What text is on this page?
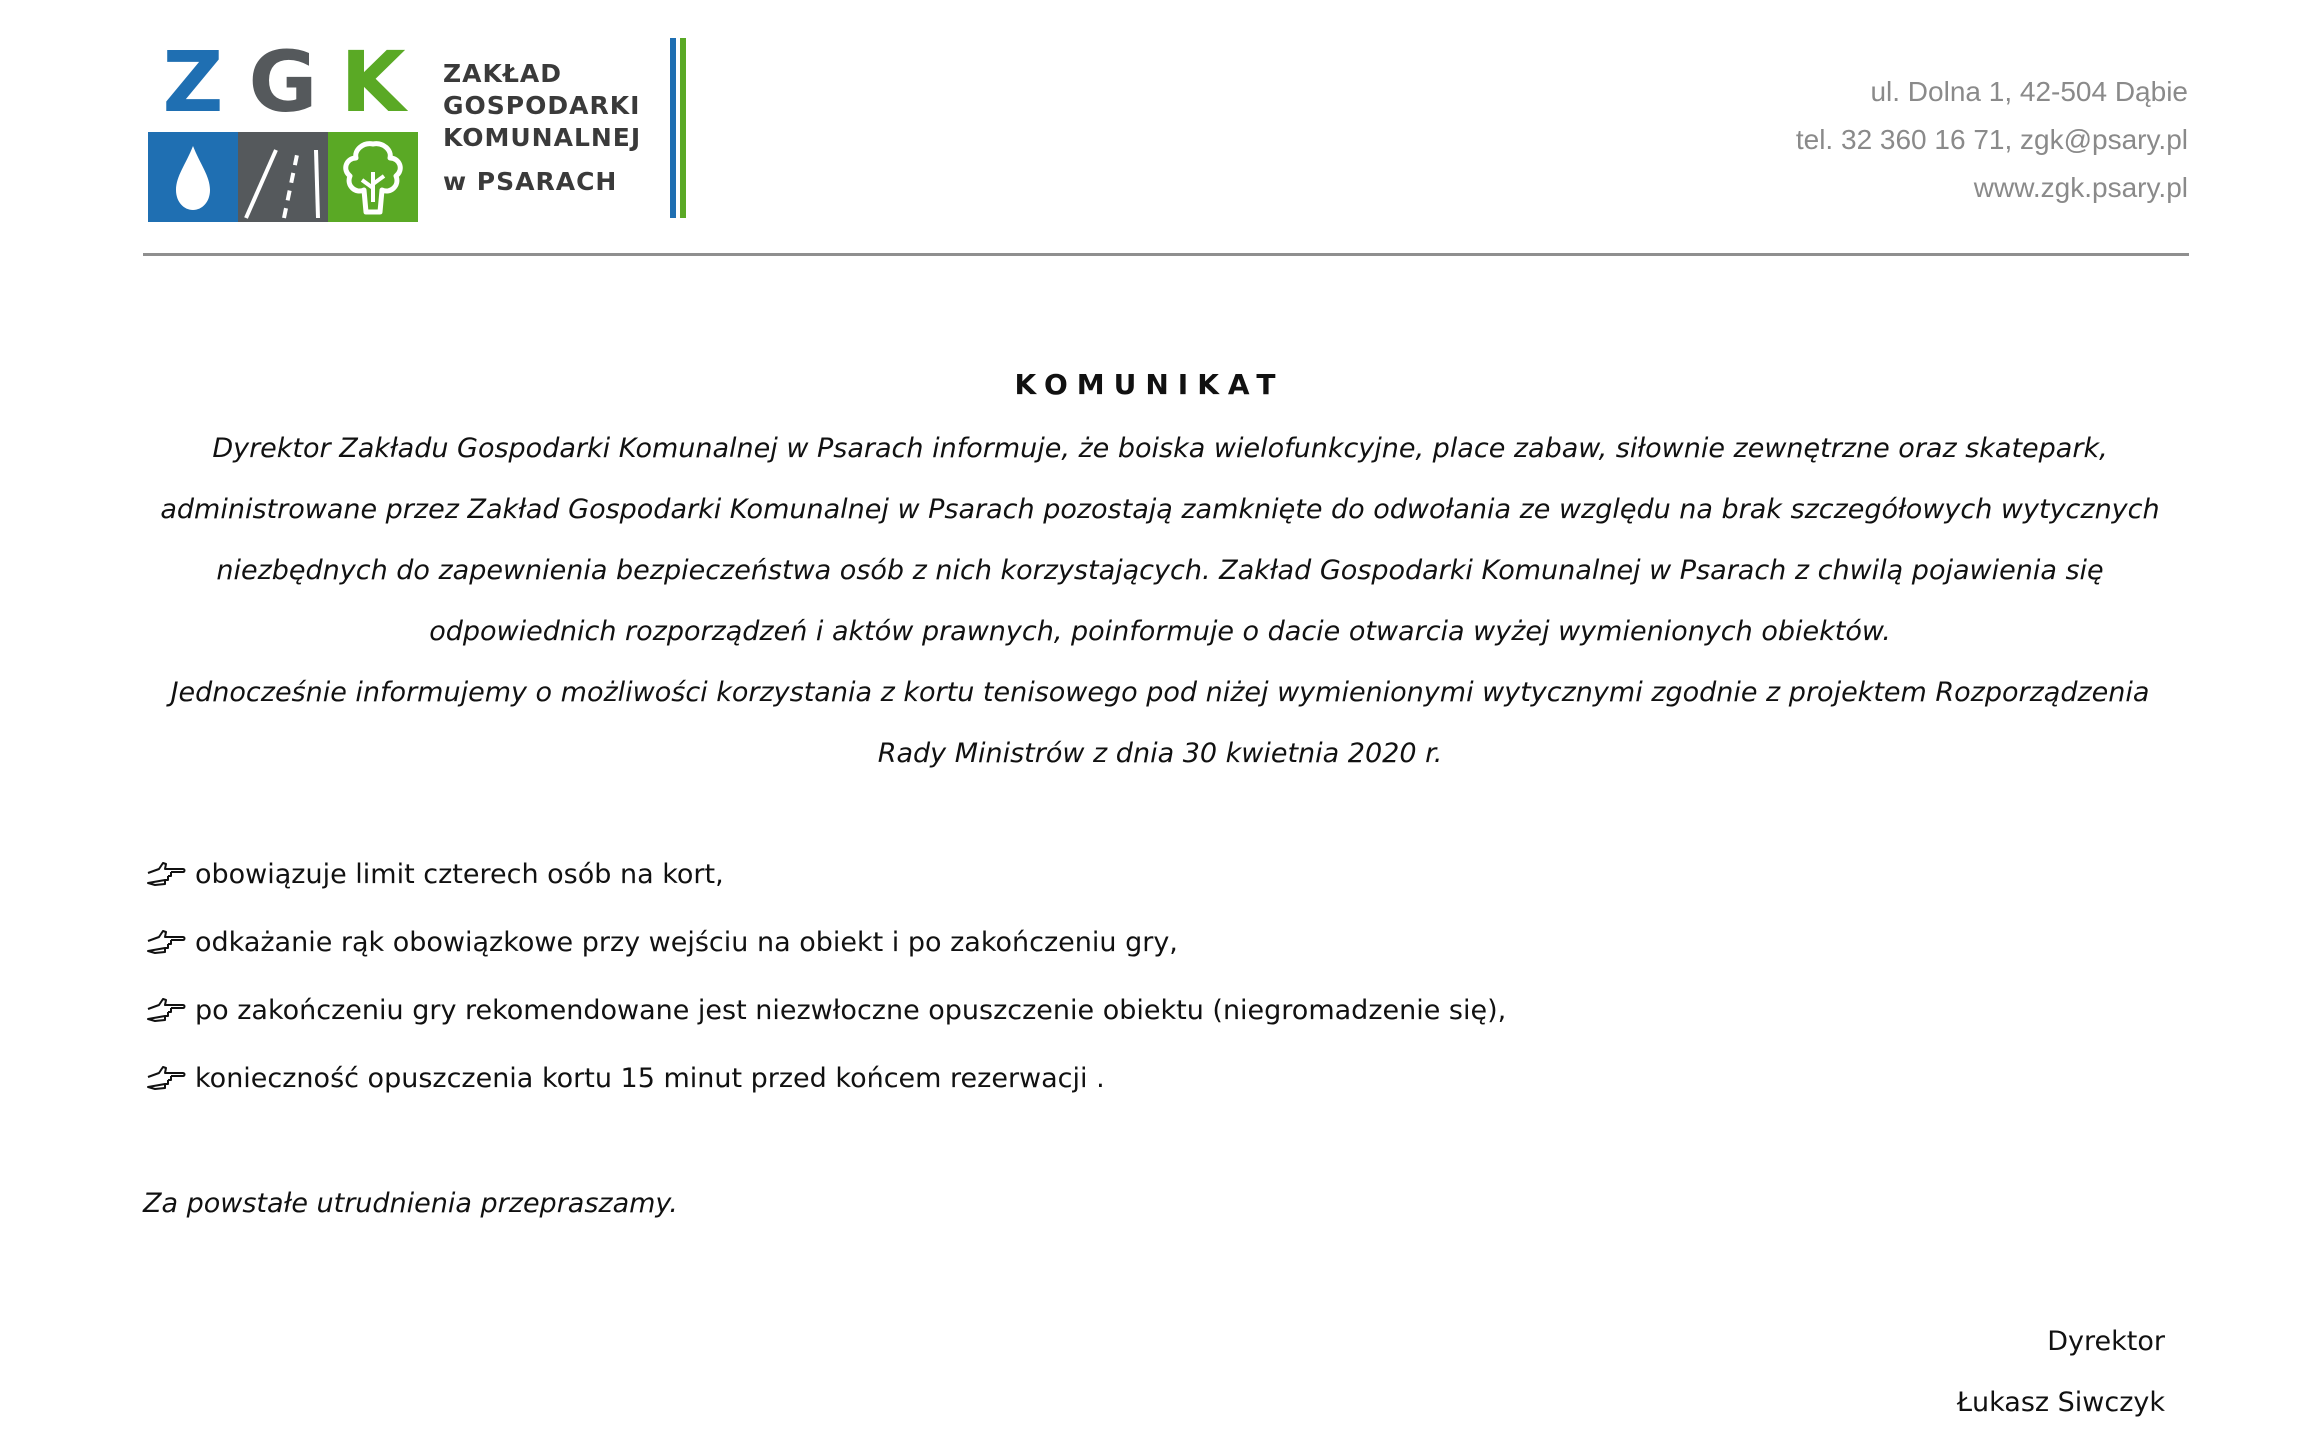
Z G K	ZAKŁAD
GOSPODARKI
KOMUNALNEJ
w PSARACH
ul. Dolna 1, 42-504 Dąbie
tel. 32 360 16 71, zgk@psary.pl
www.zgk.psary.pl
KOMUNIKAT
Dyrektor Zakładu Gospodarki Komunalnej w Psarach informuje, że boiska wielofunkcyjne, place zabaw, siłownie zewnętrzne oraz skatepark,
administrowane przez Zakład Gospodarki Komunalnej w Psarach pozostają zamknięte do odwołania ze względu na brak szczegółowych wytycznych
niezbędnych do zapewnienia bezpieczeństwa osób z nich korzystających. Zakład Gospodarki Komunalnej w Psarach z chwilą pojawienia się
odpowiednich rozporządzeń i aktów prawnych, poinformuje o dacie otwarcia wyżej wymienionych obiektów.
Jednocześnie informujemy o możliwości korzystania z kortu tenisowego pod niżej wymienionymi wytycznymi zgodnie z projektem Rozporządzenia
Rady Ministrów z dnia 30 kwietnia 2020 r.
obowiązuje limit czterech osób na kort,
odkażanie rąk obowiązkowe przy wejściu na obiekt i po zakończeniu gry,
po zakończeniu gry rekomendowane jest niezwłoczne opuszczenie obiektu (niegromadzenie się),
konieczność opuszczenia kortu 15 minut przed końcem rezerwacji .
Za powstałe utrudnienia przepraszamy.
Dyrektor
Łukasz Siwczyk
